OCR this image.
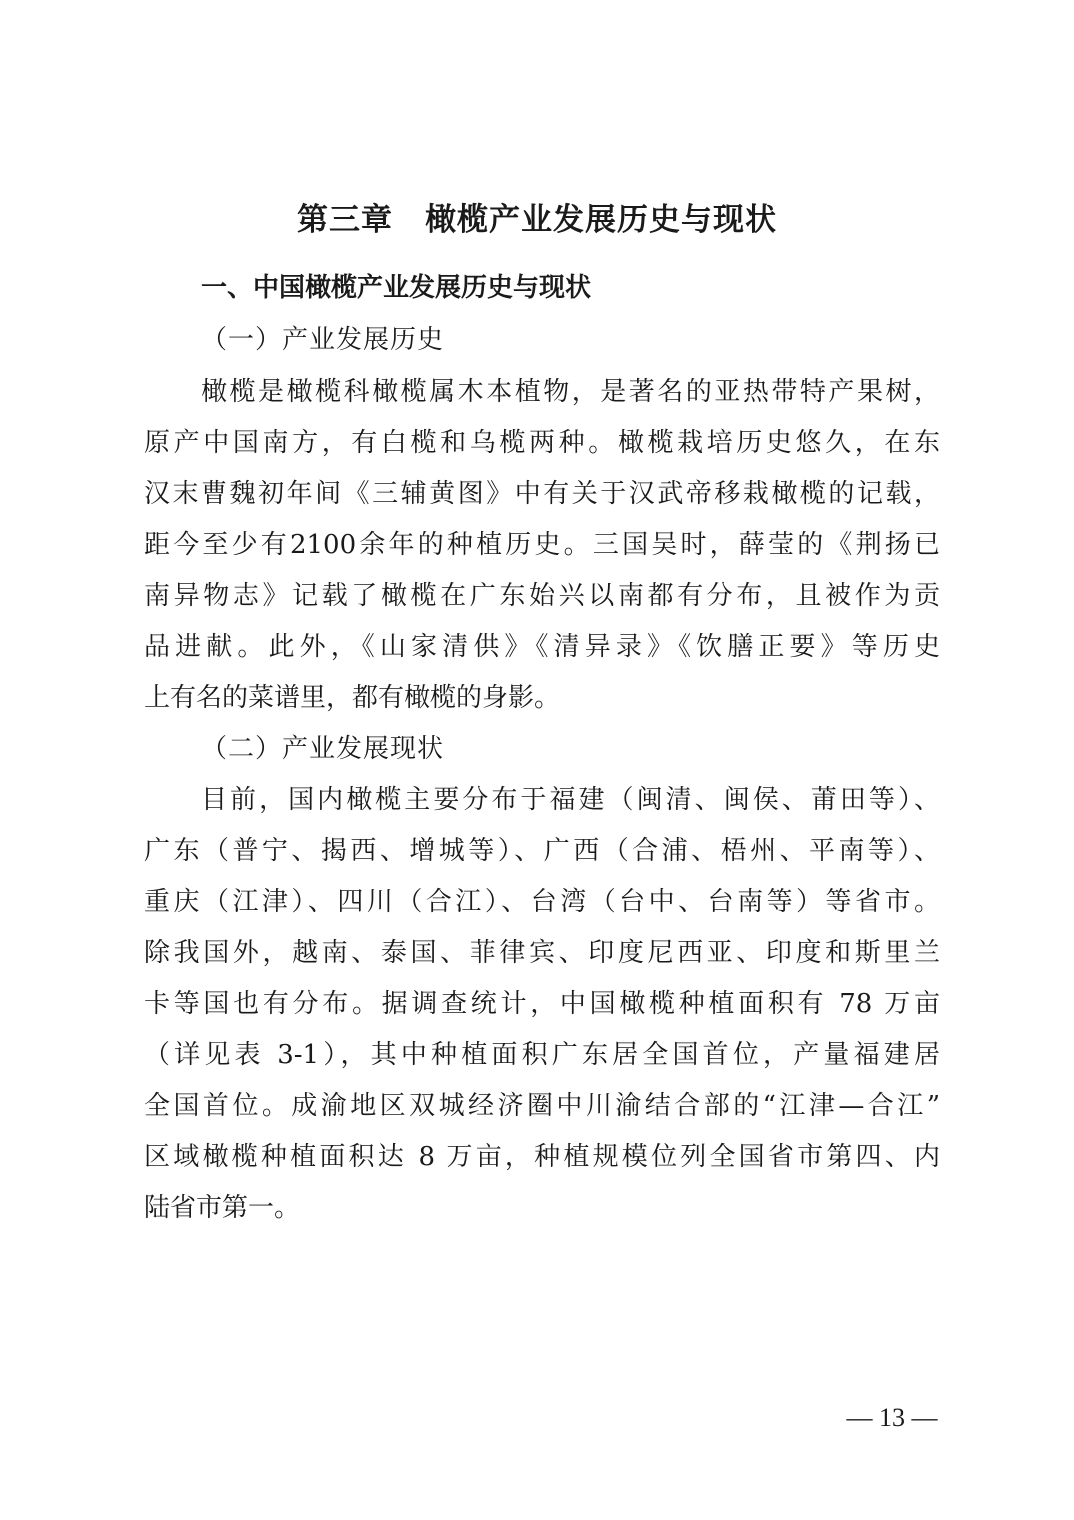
第三章　橄榄产业发展历史与现状
一、中国橄榄产业发展历史与现状
（一）产业发展历史
橄榄是橄榄科橄榄属木本植物，是著名的亚热带特产果树，
原产中国南方，有白榄和乌榄两种。橄榄栽培历史悠久，在东
汉末曹魏初年间《三辅黄图》中有关于汉武帝移栽橄榄的记载，
距今至少有2100余年的种植历史。三国吴时，薛莹的《荆扬已
南异物志》记载了橄榄在广东始兴以南都有分布，且被作为贡
品进献。此外，《山家清供》《清异录》《饮膳正要》等历史
上有名的菜谱里，都有橄榄的身影。
（二）产业发展现状
目前，国内橄榄主要分布于福建（闽清、闽侯、莆田等）、
广东（普宁、揭西、增城等）、广西（合浦、梧州、平南等）、
重庆（江津）、四川（合江）、台湾（台中、台南等）等省市。
除我国外，越南、泰国、菲律宾、印度尼西亚、印度和斯里兰
卡等国也有分布。据调查统计，中国橄榄种植面积有 78 万亩
（详见表 3-1），其中种植面积广东居全国首位，产量福建居
全国首位。成渝地区双城经济圈中川渝结合部的“江津—合江”
区域橄榄种植面积达 8 万亩，种植规模位列全国省市第四、内
陆省市第一。
— 13 —
